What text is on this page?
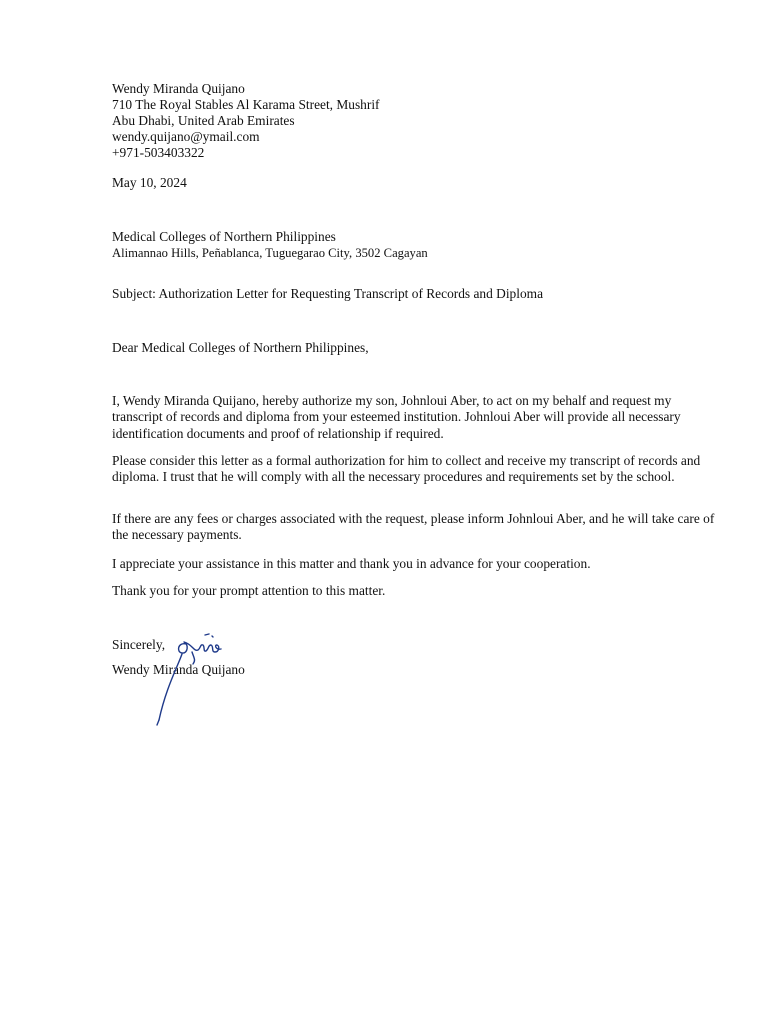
Wendy Miranda Quijano
710 The Royal Stables Al Karama Street, Mushrif
Abu Dhabi, United Arab Emirates
wendy.quijano@ymail.com
+971-503403322
May 10, 2024
Medical Colleges of Northern Philippines
Alimannao Hills, Peñablanca, Tuguegarao City, 3502 Cagayan
Subject: Authorization Letter for Requesting Transcript of Records and Diploma
Dear Medical Colleges of Northern Philippines,
I, Wendy Miranda Quijano, hereby authorize my son, Johnloui Aber, to act on my behalf and request my transcript of records and diploma from your esteemed institution. Johnloui Aber will provide all necessary identification documents and proof of relationship if required.
Please consider this letter as a formal authorization for him to collect and receive my transcript of records and diploma. I trust that he will comply with all the necessary procedures and requirements set by the school.
If there are any fees or charges associated with the request, please inform Johnloui Aber, and he will take care of the necessary payments.
I appreciate your assistance in this matter and thank you in advance for your cooperation.
Thank you for your prompt attention to this matter.
Sincerely,
Wendy Miranda Quijano
